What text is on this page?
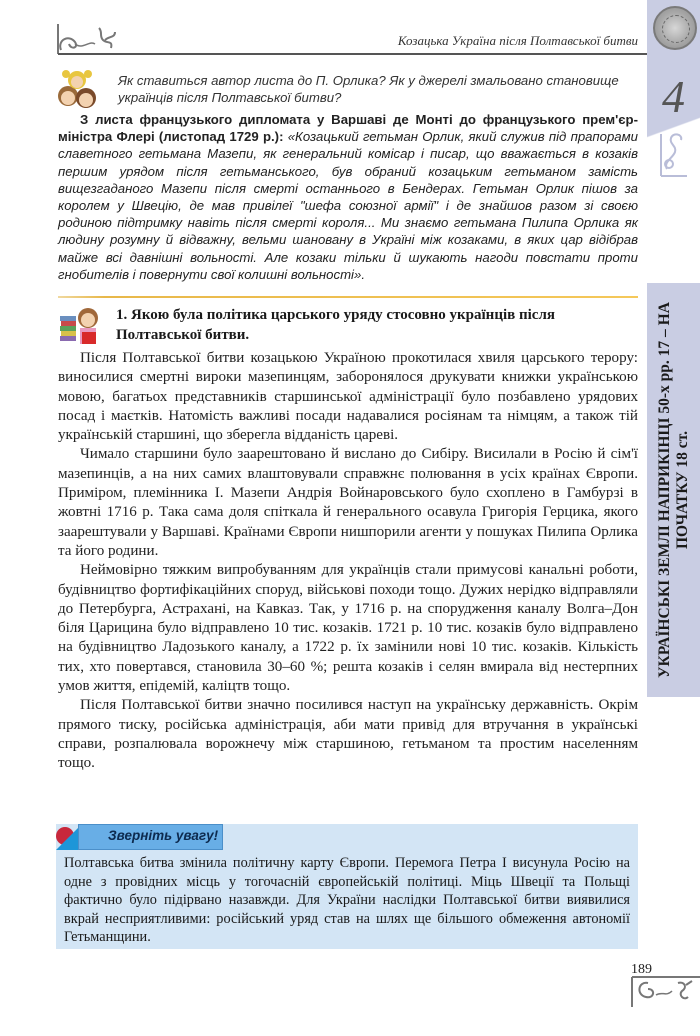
4
УКРАЇНСЬКІ ЗЕМЛІ НАПРИКІНЦІ 50-х рр. 17 – НА ПОЧАТКУ 18 ст.
Козацька Україна після Полтавської битви
Як ставиться автор листа до П. Орлика? Як у джерелі змальовано становище українців після Полтавської битви?
З листа французького дипломата у Варшаві де Монті до французького прем'єр-міністра Флері (листопад 1729 р.): «Козацький гетьман Орлик, який служив під прапорами славетного гетьмана Мазепи, як генеральний комісар і писар, що вважається в козаків першим урядом після гетьманського, був обраний козацьким гетьманом замість вищезгаданого Мазепи після смерті останнього в Бендерах. Гетьман Орлик пішов за королем у Швецію, де мав привілеї "шефа союзної армії" і де знайшов разом зі своєю родиною підтримку навіть після смерті короля... Ми знаємо гетьмана Пилипа Орлика як людину розумну й відважну, вельми шановану в Україні між козаками, в яких цар відібрав майже всі давнішні вольності. Але козаки тільки й шукають нагоди повстати проти гнобителів і повернути свої колишні вольності».
1. Якою була політика царського уряду стосовно українців після Полтавської битви.

Після Полтавської битви козацькою Україною прокотилася хвиля царського терору: виносилися смертні вироки мазепинцям, заборонялося друкувати книжки українською мовою, багатьох представників старшинської адміністрації було позбавлено урядових посад і маєтків. Натомість важливі посади надавалися росіянам та німцям, а також тій українській старшині, що зберегла відданість цареві.

Чимало старшини було заарештовано й вислано до Сибіру. Висилали в Росію й сім'ї мазепинців, а на них самих влаштовували справжнє полювання в усіх країнах Європи. Приміром, племінника І. Мазепи Андрія Войнаровського було схоплено в Гамбурзі в жовтні 1716 р. Така сама доля спіткала й генерального осавула Григорія Герцика, якого заарештували у Варшаві. Країнами Європи нишпорили агенти у пошуках Пилипа Орлика та його родини.

Неймовірно тяжким випробуванням для українців стали примусові канальні роботи, будівництво фортифікаційних споруд, військові походи тощо. Дужих нерідко відправляли до Петербурга, Астрахані, на Кавказ. Так, у 1716 р. на спорудження каналу Волга–Дон біля Царицина було відправлено 10 тис. козаків. 1721 р. 10 тис. козаків було відправлено на будівництво Ладозького каналу, а 1722 р. їх замінили нові 10 тис. козаків. Кількість тих, хто повертався, становила 30–60 %; решта козаків і селян вмирала від нестерпних умов життя, епідемій, каліцтв тощо.

Після Полтавської битви значно посилився наступ на українську державність. Окрім прямого тиску, російська адміністрація, аби мати привід для втручання в українські справи, розпалювала ворожнечу між старшиною, гетьманом та простим населенням тощо.

Зверніть увагу!
Полтавська битва змінила політичну карту Європи. Перемога Петра І висунула Росію на одне з провідних місць у тогочасній європейській політиці. Міць Швеції та Польщі фактично було підірвано назавжди. Для України наслідки Полтавської битви виявилися вкрай несприятливими: російський уряд став на шлях ще більшого обмеження автономії Гетьманщини.
189
